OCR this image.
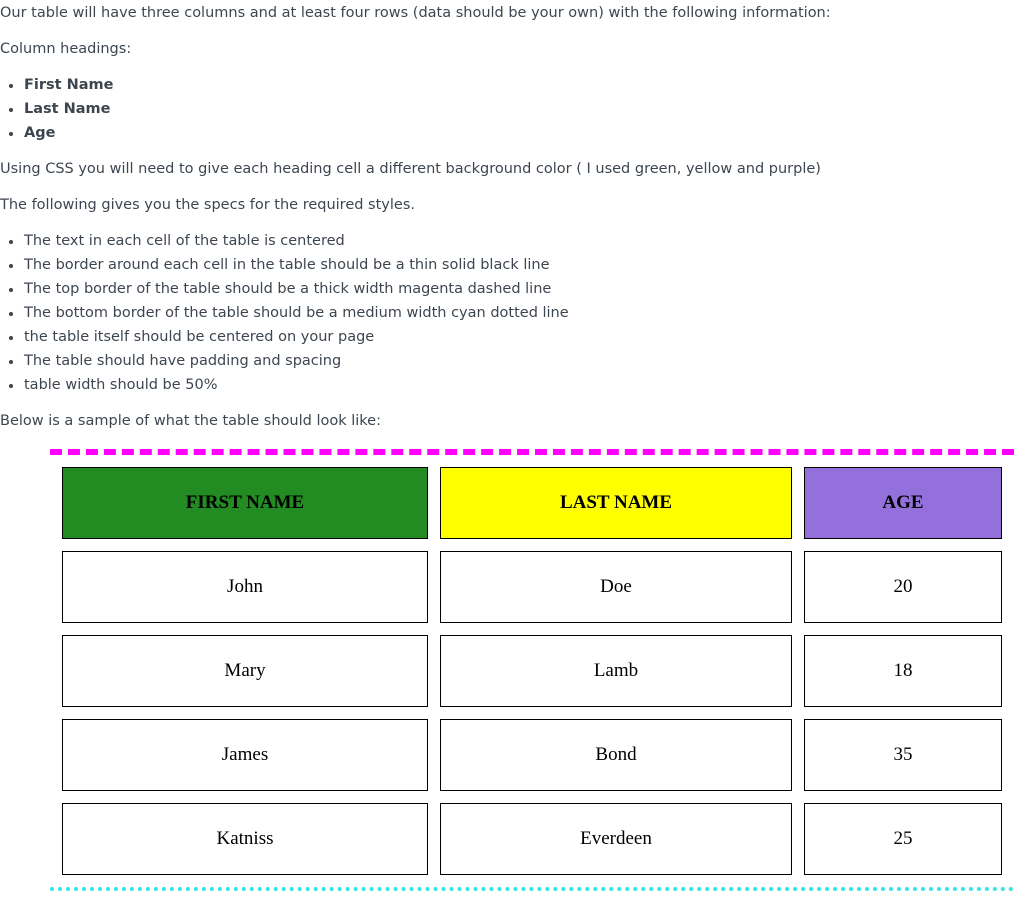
Our table will have three columns and at least four rows (data should be your own) with the following information:

Column headings:

First Name
Last Name
Age

Using CSS you will need to give each heading cell a different background color ( I used green, yellow and purple)

The following gives you the specs for the required styles.

The text in each cell of the table is centered
The border around each cell in the table should be a thin solid black line
The top border of the table should be a thick width magenta dashed line
The bottom border of the table should be a medium width cyan dotted line
the table itself should be centered on your page
The table should have padding and spacing
table width should be 50%

Below is a sample of what the table should look like:

FIRST NAME	LAST NAME	AGE
John	Doe	20
Mary	Lamb	18
James	Bond	35
Katniss	Everdeen	25
